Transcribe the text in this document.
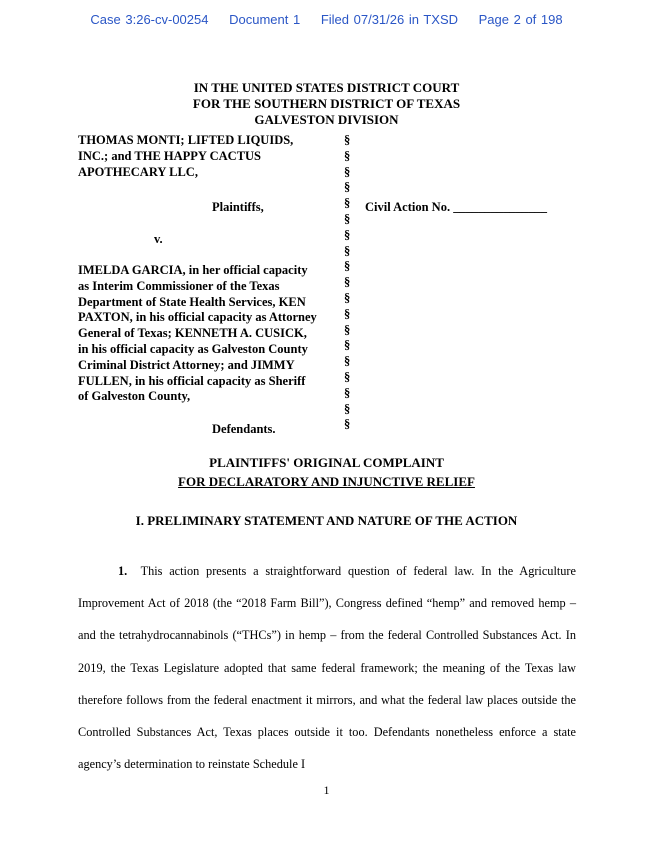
Case 3:26-cv-00254 Document 1 Filed 07/31/26 in TXSD Page 2 of 198
IN THE UNITED STATES DISTRICT COURT
FOR THE SOUTHERN DISTRICT OF TEXAS
GALVESTON DIVISION
THOMAS MONTI; LIFTED LIQUIDS,
INC.; and THE HAPPY CACTUS
APOTHECARY LLC,
Plaintiffs,
v.
IMELDA GARCIA, in her official capacity
as Interim Commissioner of the Texas
Department of State Health Services, KEN
PAXTON, in his official capacity as Attorney
General of Texas; KENNETH A. CUSICK,
in his official capacity as Galveston County
Criminal District Attorney; and JIMMY
FULLEN, in his official capacity as Sheriff
of Galveston County,
Defendants.
§
§
§
§
§
§
§
§
§
§
§
§
§
§
§
§
§
§
§
Civil Action No. _______________
PLAINTIFFS' ORIGINAL COMPLAINT
FOR DECLARATORY AND INJUNCTIVE RELIEF
I. PRELIMINARY STATEMENT AND NATURE OF THE ACTION

1. This action presents a straightforward question of federal law. In the Agriculture Improvement Act of 2018 (the “2018 Farm Bill”), Congress defined “hemp” and removed hemp – and the tetrahydrocannabinols (“THCs”) in hemp – from the federal Controlled Substances Act. In 2019, the Texas Legislature adopted that same federal framework; the meaning of the Texas law therefore follows from the federal enactment it mirrors, and what the federal law places outside the Controlled Substances Act, Texas places outside it too. Defendants nonetheless enforce a state agency’s determination to reinstate Schedule I

1
